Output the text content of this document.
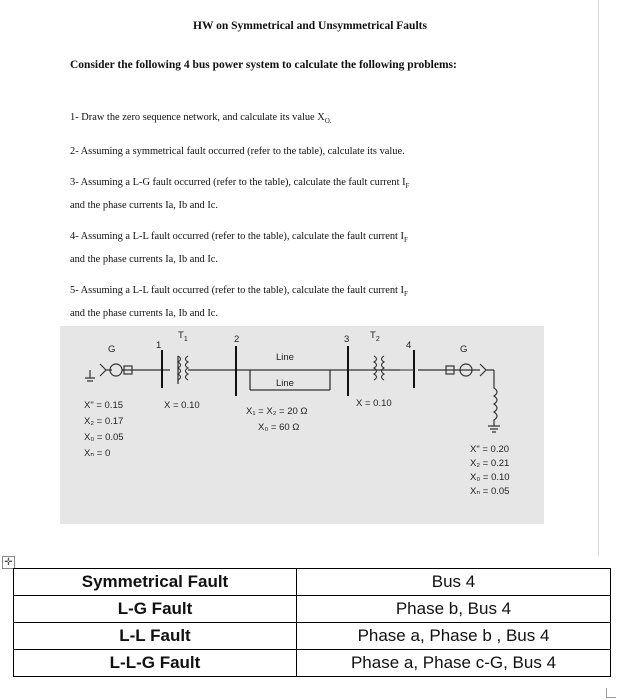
HW on Symmetrical and Unsymmetrical Faults
Consider the following 4 bus power system to calculate the following problems:
1- Draw the zero sequence network, and calculate its value $X_{O.}$
2- Assuming a symmetrical fault occurred (refer to the table), calculate its value.
3- Assuming a L-G fault occurred (refer to the table), calculate the fault current $I_F$
and the phase currents Ia, Ib and Ic.
4- Assuming a L-L fault occurred (refer to the table), calculate the fault current $I_F$
and the phase currents Ia, Ib and Ic.
5- Assuming a L-L fault occurred (refer to the table), calculate the fault current $I_F$
and the phase currents Ia, Ib and Ic.
1
2	3
4
$T_1$	$T_2$
G	G
Line
Line
X" = 0.15
X₂ = 0.17
X₀ = 0.05
Xₙ = 0
X = 0.10	X = 0.10
X₁ = X₂ = 20 Ω
X₀ = 60 Ω
X" = 0.20
X₂ = 0.21
X₀ = 0.10
Xₙ = 0.05
✛
Symmetrical Fault	Bus 4
L-G Fault	Phase b, Bus 4
L-L Fault	Phase a, Phase b , Bus 4
L-L-G Fault	Phase a, Phase c-G, Bus 4
